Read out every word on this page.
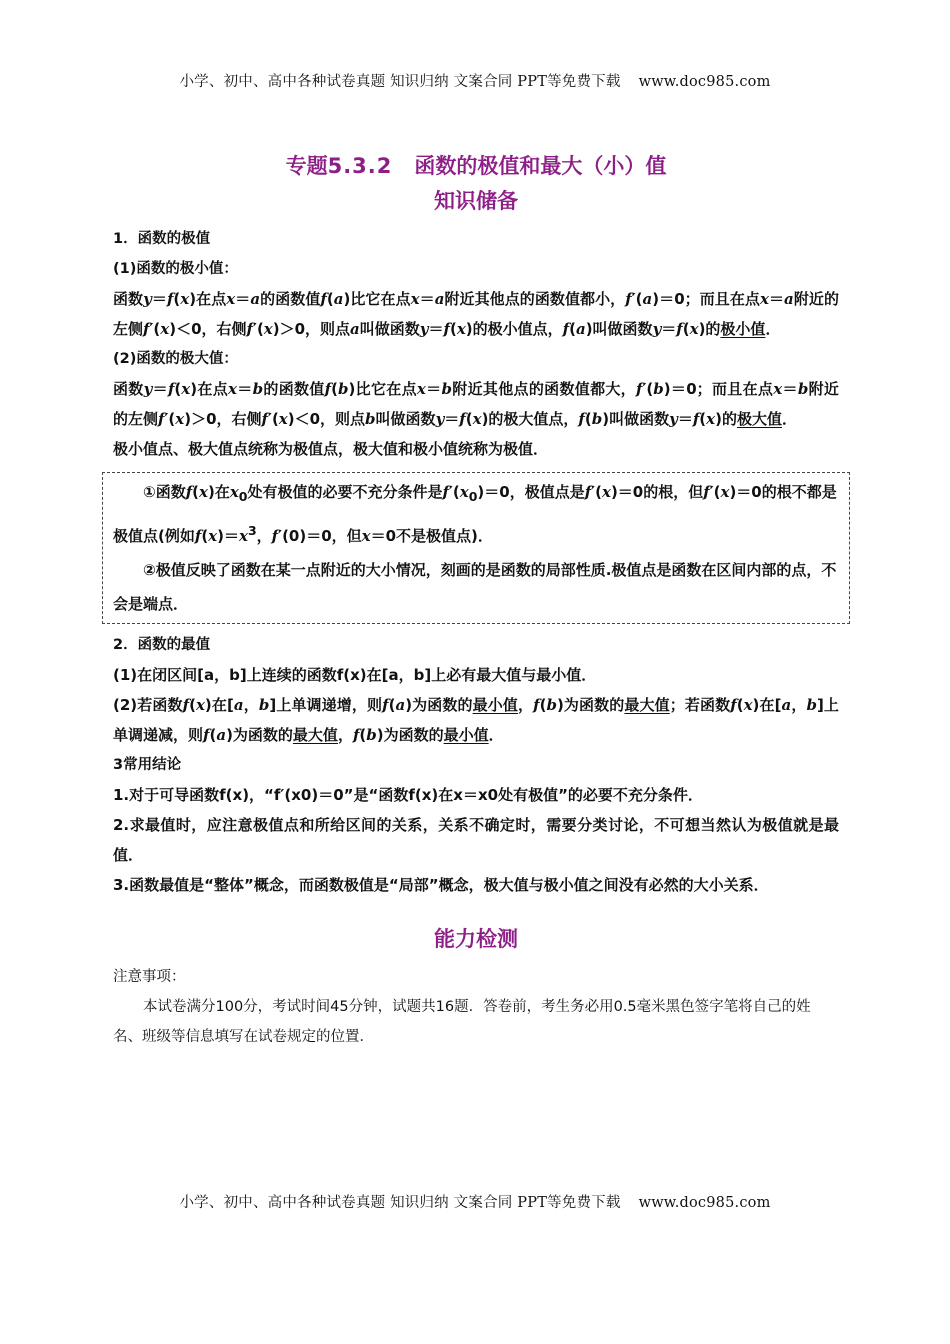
小学、初中、高中各种试卷真题 知识归纳 文案合同 PPT等免费下载 www.doc985.com
专题5.3.2 函数的极值和最大（小）值
知识储备
1．函数的极值
(1)函数的极小值：
函数y＝f(x)在点x＝a的函数值f(a)比它在点x＝a附近其他点的函数值都小，f′(a)＝0；而且在点x＝a附近的左侧f′(x)＜0，右侧f′(x)＞0，则点a叫做函数y＝f(x)的极小值点，f(a)叫做函数y＝f(x)的极小值．
(2)函数的极大值：
函数y＝f(x)在点x＝b的函数值f(b)比它在点x＝b附近其他点的函数值都大，f′(b)＝0；而且在点x＝b附近的左侧f′(x)＞0，右侧f′(x)＜0，则点b叫做函数y＝f(x)的极大值点，f(b)叫做函数y＝f(x)的极大值．
极小值点、极大值点统称为极值点，极大值和极小值统称为极值．
①函数f(x)在$x_0$处有极值的必要不充分条件是$f'(x_0)=0$，极值点是f′(x)＝0的根，但f′(x)＝0的根不都是极值点(例如$f(x)=x^3$，f′(0)＝0，但x＝0不是极值点)．
②极值反映了函数在某一点附近的大小情况，刻画的是函数的局部性质.极值点是函数在区间内部的点，不会是端点．
2．函数的最值
(1)在闭区间[a，b]上连续的函数f(x)在[a，b]上必有最大值与最小值．
(2)若函数f(x)在[a，b]上单调递增，则f(a)为函数的最小值，f(b)为函数的最大值；若函数f(x)在[a，b]上单调递减，则f(a)为函数的最大值，f(b)为函数的最小值．
3常用结论
1.对于可导函数f(x)，“f′(x0)＝0”是“函数f(x)在x＝x0处有极值”的必要不充分条件．
2.求最值时，应注意极值点和所给区间的关系，关系不确定时，需要分类讨论，不可想当然认为极值就是最值．
3.函数最值是“整体”概念，而函数极值是“局部”概念，极大值与极小值之间没有必然的大小关系．
能力检测
注意事项：
本试卷满分100分，考试时间45分钟，试题共16题．答卷前，考生务必用0.5毫米黑色签字笔将自己的姓名、班级等信息填写在试卷规定的位置．
小学、初中、高中各种试卷真题 知识归纳 文案合同 PPT等免费下载 www.doc985.com
